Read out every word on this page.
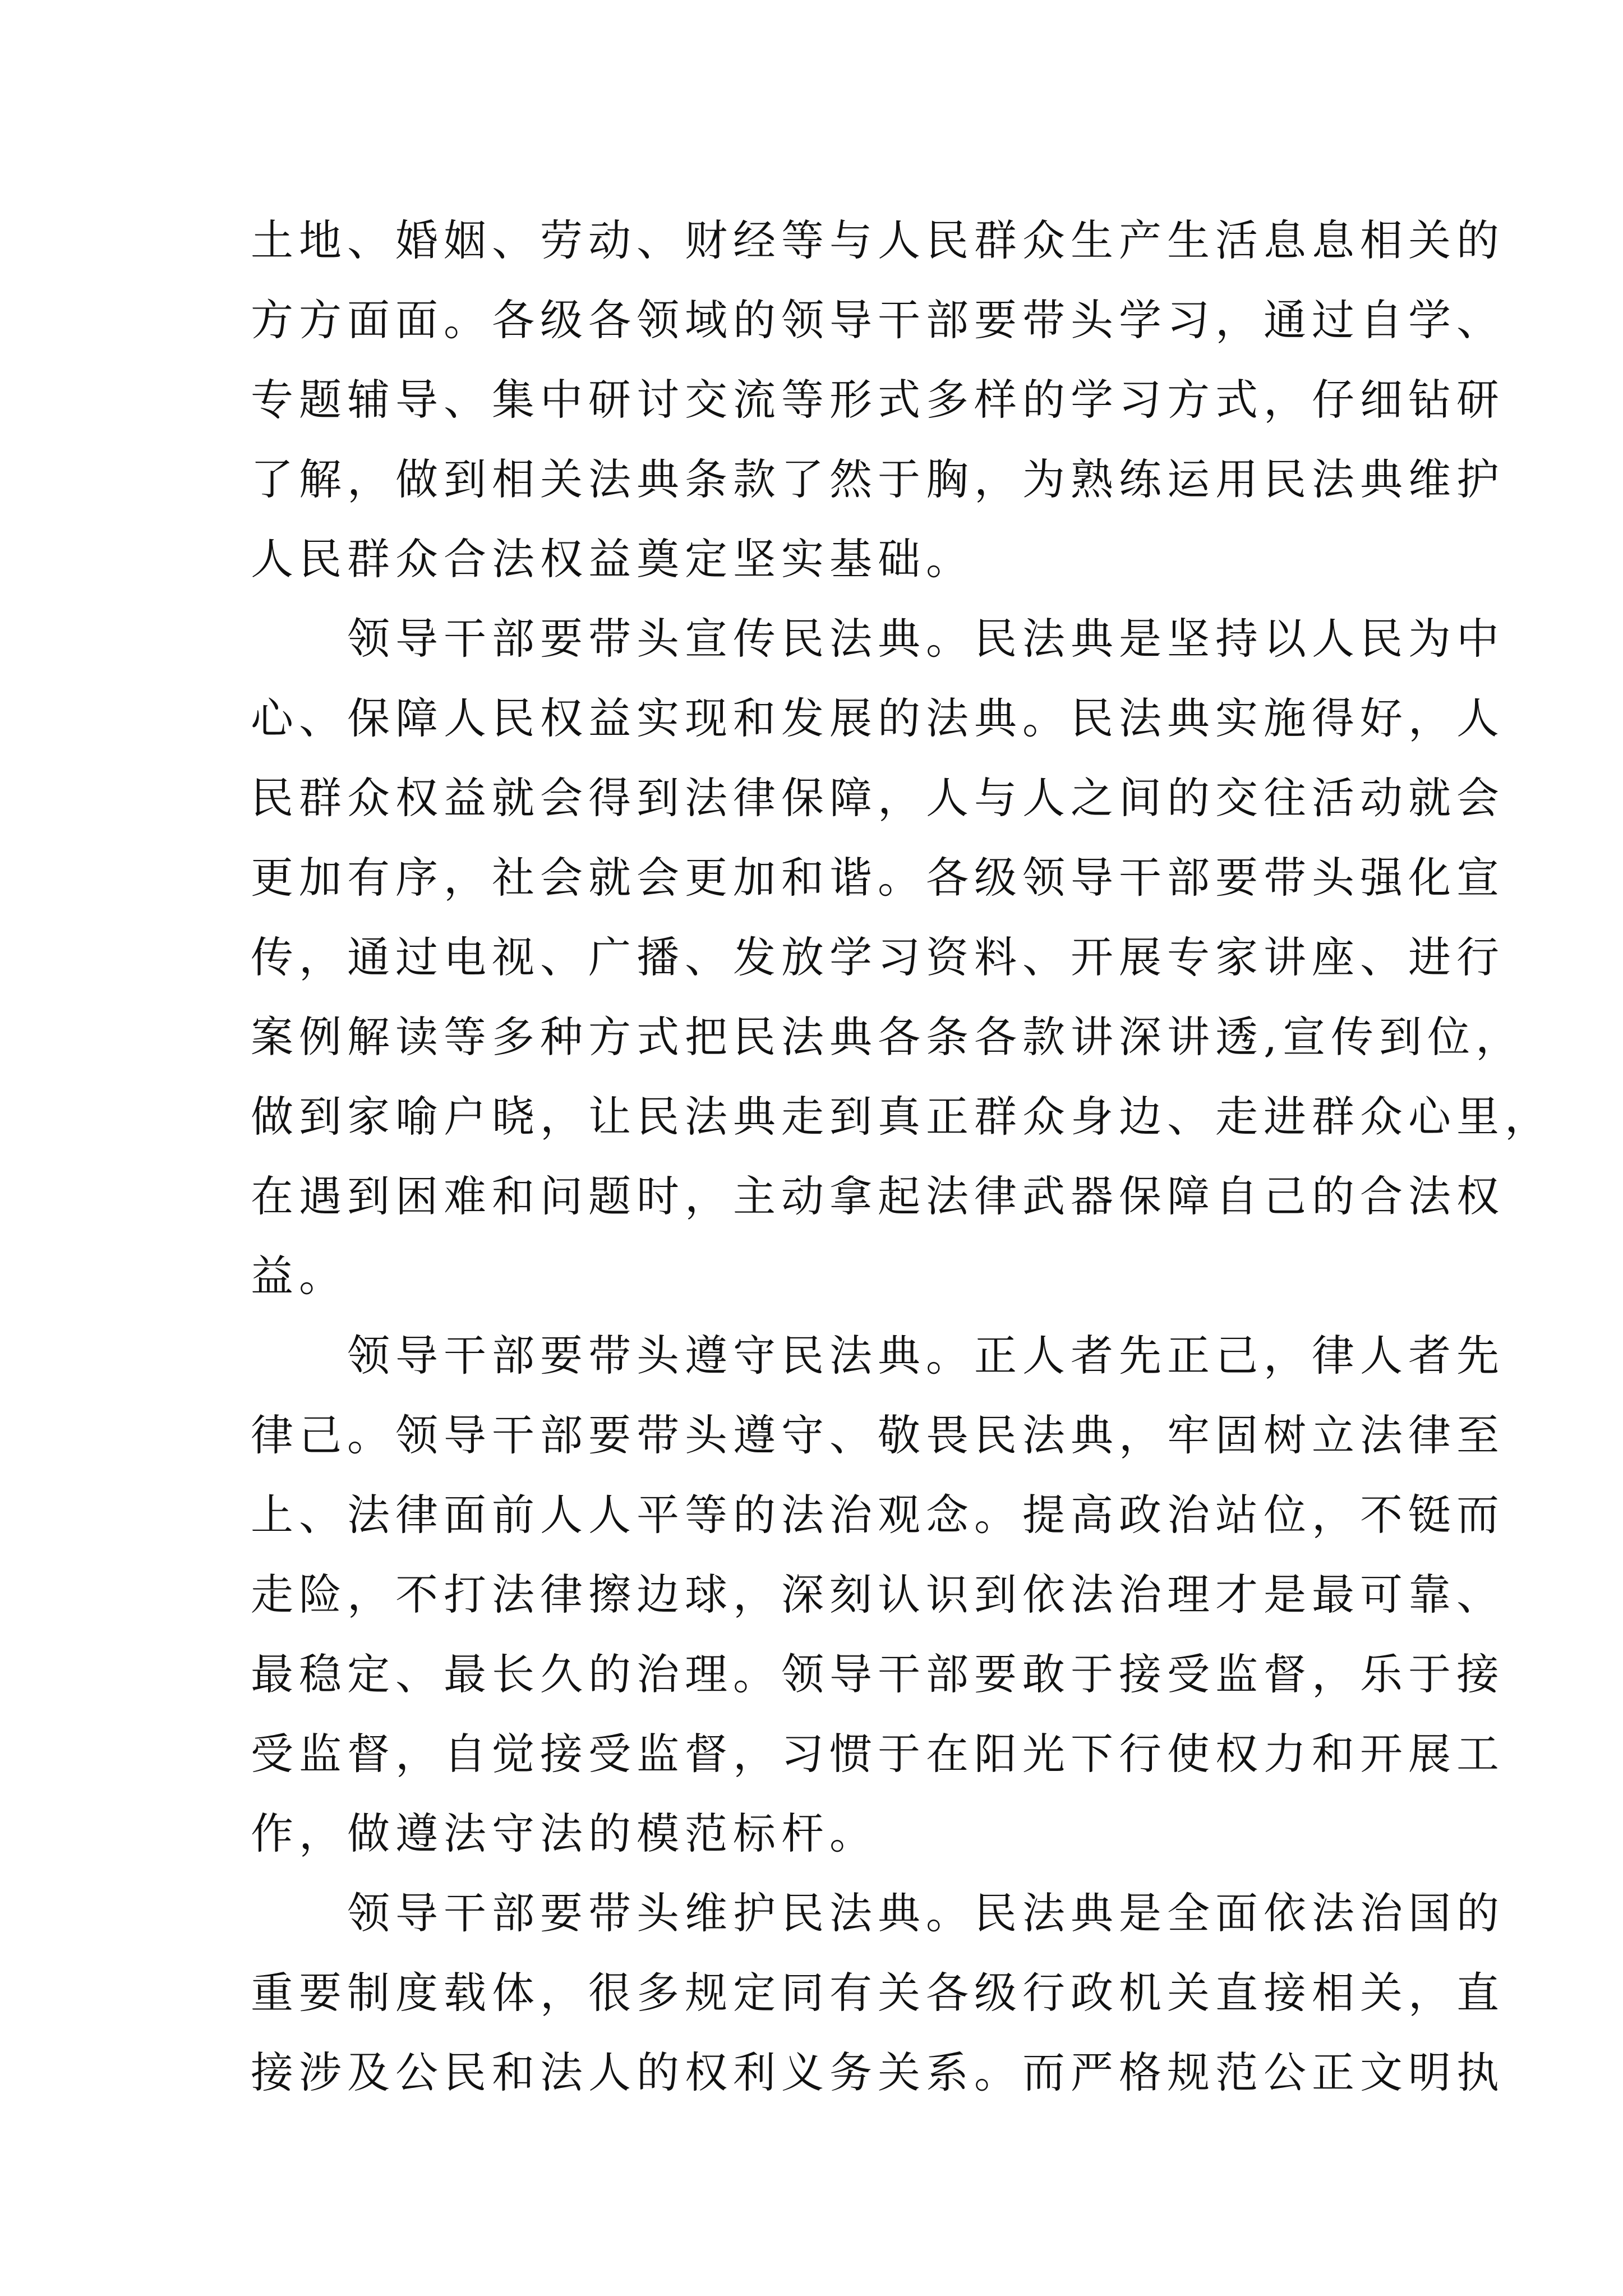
土地、婚姻、劳动、财经等与人民群众生产生活息息相关的
方方面面。各级各领域的领导干部要带头学习，通过自学、
专题辅导、集中研讨交流等形式多样的学习方式，仔细钻研
了解，做到相关法典条款了然于胸，为熟练运用民法典维护
人民群众合法权益奠定坚实基础。
领导干部要带头宣传民法典。民法典是坚持以人民为中
心、保障人民权益实现和发展的法典。民法典实施得好，人
民群众权益就会得到法律保障，人与人之间的交往活动就会
更加有序，社会就会更加和谐。各级领导干部要带头强化宣
传，通过电视、广播、发放学习资料、开展专家讲座、进行
案例解读等多种方式把民法典各条各款讲深讲透,宣传到位，
做到家喻户晓，让民法典走到真正群众身边、走进群众心里，
在遇到困难和问题时，主动拿起法律武器保障自己的合法权
益。
领导干部要带头遵守民法典。正人者先正己，律人者先
律己。领导干部要带头遵守、敬畏民法典，牢固树立法律至
上、法律面前人人平等的法治观念。提高政治站位，不铤而
走险，不打法律擦边球，深刻认识到依法治理才是最可靠、
最稳定、最长久的治理。领导干部要敢于接受监督，乐于接
受监督，自觉接受监督，习惯于在阳光下行使权力和开展工
作，做遵法守法的模范标杆。
领导干部要带头维护民法典。民法典是全面依法治国的
重要制度载体，很多规定同有关各级行政机关直接相关，直
接涉及公民和法人的权利义务关系。而严格规范公正文明执
